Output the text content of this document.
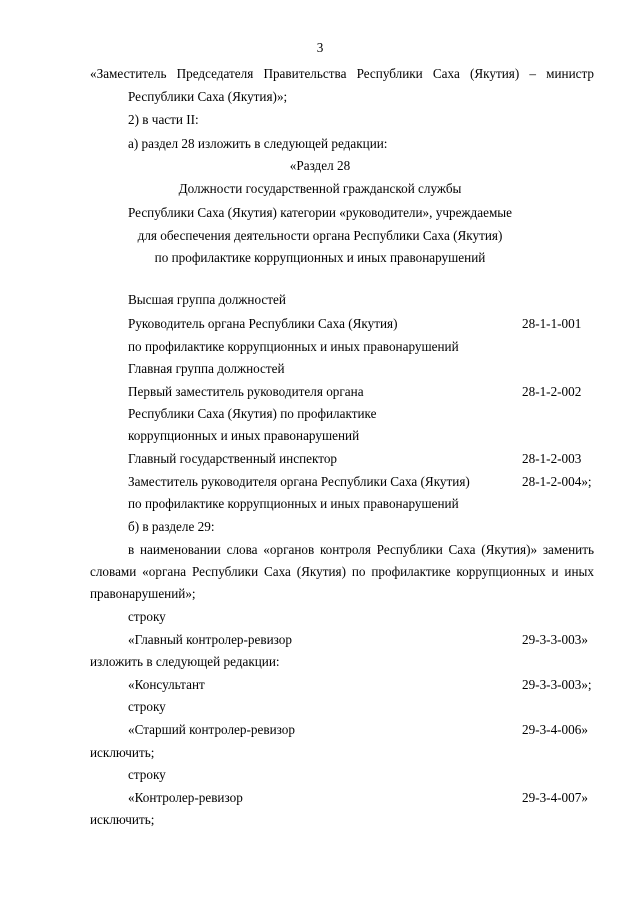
3
«Заместитель Председателя Правительства Республики Саха (Якутия) – министр
Республики Саха (Якутия)»;
2) в части II:
а) раздел 28 изложить в следующей редакции:
«Раздел 28
Должности государственной гражданской службы
Республики Саха (Якутия) категории «руководители», учреждаемые
для обеспечения деятельности органа Республики Саха (Якутия)
по профилактике коррупционных и иных правонарушений
Высшая группа должностей
Руководитель органа Республики Саха (Якутия)	28-1-1-001
по профилактике коррупционных и иных правонарушений
Главная группа должностей
Первый заместитель руководителя органа	28-1-2-002
Республики Саха (Якутия) по профилактике
коррупционных и иных правонарушений
Главный государственный инспектор	28-1-2-003
Заместитель руководителя органа Республики Саха (Якутия)	28-1-2-004»;
по профилактике коррупционных и иных правонарушений
б) в разделе 29:
в наименовании слова «органов контроля Республики Саха (Якутия)» заменить
словами «органа Республики Саха (Якутия) по профилактике коррупционных и иных
правонарушений»;
строку
«Главный контролер-ревизор	29-3-3-003»
изложить в следующей редакции:
«Консультант	29-3-3-003»;
строку
«Старший контролер-ревизор	29-3-4-006»
исключить;
строку
«Контролер-ревизор	29-3-4-007»
исключить;
